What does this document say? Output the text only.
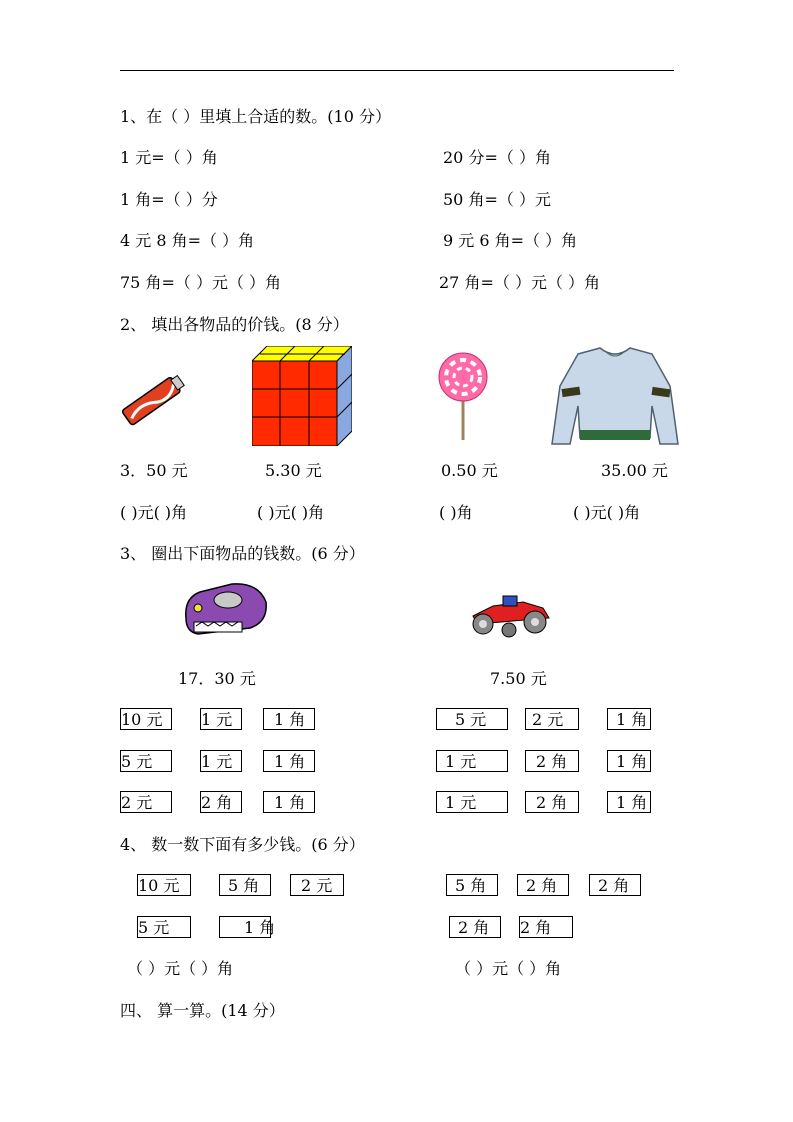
1、在（ ）里填上合适的数。(10 分）
1 元=（ ）角	20 分=（ ）角
1 角=（ ）分	50 角=（ ）元
4 元 8 角=（ ）角	9 元 6 角=（ ）角
75 角=（ ）元（ ）角	27 角=（ ）元（ ）角
2、 填出各物品的价钱。(8 分）
3．50 元	5.30 元	0.50 元	35.00 元
( )元( )角	( )元( )角	( )角	( )元( )角
3、 圈出下面物品的钱数。(6 分）
17．30 元	7.50 元
10 元	1 元	1 角
5 元	1 元	1 角
2 元	2 角	1 角
5 元	2 元	1 角
1 元	2 角	1 角
1 元	2 角	1 角
4、 数一数下面有多少钱。(6 分）
10 元	5 角	2 元
5 元	1 角
5 角	2 角	2 角
2 角	2 角
（ ）元（ ）角	（ ）元（ ）角
四、 算一算。(14 分）
